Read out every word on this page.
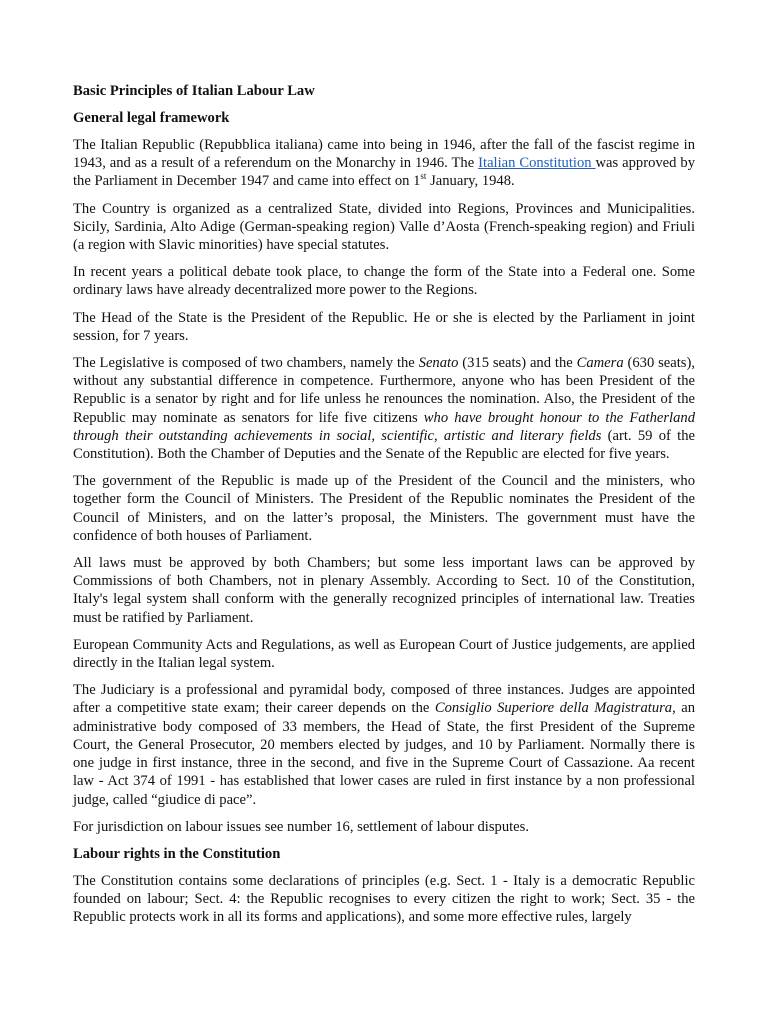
Basic Principles of Italian Labour Law
General legal framework

The Italian Republic (Repubblica italiana) came into being in 1946, after the fall of the fascist regime in 1943, and as a result of a referendum on the Monarchy in 1946. The Italian Constitution was approved by the Parliament in December 1947 and came into effect on 1st January, 1948.

The Country is organized as a centralized State, divided into Regions, Provinces and Municipalities. Sicily, Sardinia, Alto Adige (German-speaking region) Valle d’Aosta (French-speaking region) and Friuli (a region with Slavic minorities) have special statutes.

In recent years a political debate took place, to change the form of the State into a Federal one. Some ordinary laws have already decentralized more power to the Regions.

The Head of the State is the President of the Republic. He or she is elected by the Parliament in joint session, for 7 years.

The Legislative is composed of two chambers, namely the Senato (315 seats) and the Camera (630 seats), without any substantial difference in competence. Furthermore, anyone who has been President of the Republic is a senator by right and for life unless he renounces the nomination. Also, the President of the Republic may nominate as senators for life five citizens who have brought honour to the Fatherland through their outstanding achievements in social, scientific, artistic and literary fields (art. 59 of the Constitution). Both the Chamber of Deputies and the Senate of the Republic are elected for five years.

The government of the Republic is made up of the President of the Council and the ministers, who together form the Council of Ministers. The President of the Republic nominates the President of the Council of Ministers, and on the latter’s proposal, the Ministers. The government must have the confidence of both houses of Parliament.

All laws must be approved by both Chambers; but some less important laws can be approved by Commissions of both Chambers, not in plenary Assembly. According to Sect. 10 of the Constitution, Italy's legal system shall conform with the generally recognized principles of international law. Treaties must be ratified by Parliament.

European Community Acts and Regulations, as well as European Court of Justice judgements, are applied directly in the Italian legal system.

The Judiciary is a professional and pyramidal body, composed of three instances. Judges are appointed after a competitive state exam; their career depends on the Consiglio Superiore della Magistratura, an administrative body composed of 33 members, the Head of State, the first President of the Supreme Court, the General Prosecutor, 20 members elected by judges, and 10 by Parliament. Normally there is one judge in first instance, three in the second, and five in the Supreme Court of Cassazione. Aa recent law - Act 374 of 1991 - has established that lower cases are ruled in first instance by a non professional judge, called “giudice di pace”.

For jurisdiction on labour issues see number 16, settlement of labour disputes.

Labour rights in the Constitution

The Constitution contains some declarations of principles (e.g. Sect. 1 - Italy is a democratic Republic founded on labour; Sect. 4: the Republic recognises to every citizen the right to work; Sect. 35 - the Republic protects work in all its forms and applications), and some more effective rules, largely
